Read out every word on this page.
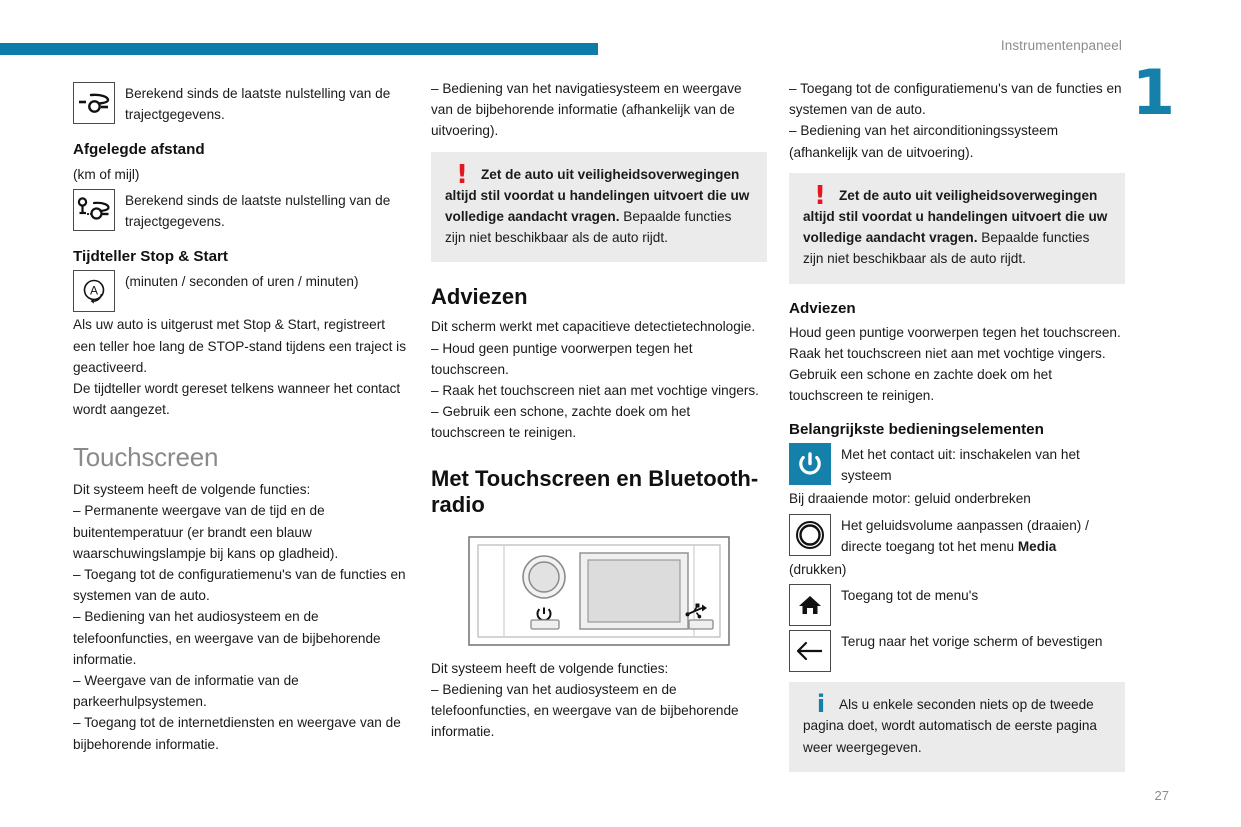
Instrumentenpaneel
1
27
Berekend sinds de laatste nulstelling van de trajectgegevens.
Afgelegde afstand

(km of mijl)

Berekend sinds de laatste nulstelling van de trajectgegevens.
Tijdteller Stop & Start
A
(minuten / seconden of uren / minuten)

Als uw auto is uitgerust met Stop & Start, registreert een teller hoe lang de STOP-stand tijdens een traject is geactiveerd.

De tijdteller wordt gereset telkens wanneer het contact wordt aangezet.

Touchscreen

Dit systeem heeft de volgende functies:

– Permanente weergave van de tijd en de buitentemperatuur (er brandt een blauw waarschuwingslampje bij kans op gladheid).

– Toegang tot de configuratiemenu's van de functies en systemen van de auto.

– Bediening van het audiosysteem en de telefoonfuncties, en weergave van de bijbehorende informatie.

– Weergave van de informatie van de parkeerhulpsystemen.

– Toegang tot de internetdiensten en weergave van de bijbehorende informatie.

– Bediening van het navigatiesysteem en weergave van de bijbehorende informatie (afhankelijk van de uitvoering).

! Zet de auto uit veiligheidsoverwegingen altijd stil voordat u handelingen uitvoert die uw volledige aandacht vragen. Bepaalde functies zijn niet beschikbaar als de auto rijdt.
Adviezen

Dit scherm werkt met capacitieve detectietechnologie.

– Houd geen puntige voorwerpen tegen het touchscreen.

– Raak het touchscreen niet aan met vochtige vingers.

– Gebruik een schone, zachte doek om het touchscreen te reinigen.

Met Touchscreen en Bluetooth-radio

Dit systeem heeft de volgende functies:

– Bediening van het audiosysteem en de telefoonfuncties, en weergave van de bijbehorende informatie.

– Toegang tot de configuratiemenu's van de functies en systemen van de auto.

– Bediening van het airconditioningssysteem (afhankelijk van de uitvoering).

! Zet de auto uit veiligheidsoverwegingen altijd stil voordat u handelingen uitvoert die uw volledige aandacht vragen. Bepaalde functies zijn niet beschikbaar als de auto rijdt.
Adviezen

Houd geen puntige voorwerpen tegen het touchscreen.

Raak het touchscreen niet aan met vochtige vingers.

Gebruik een schone en zachte doek om het touchscreen te reinigen.

Belangrijkste bedieningselementen
Met het contact uit: inschakelen van het systeem

Bij draaiende motor: geluid onderbreken

Het geluidsvolume aanpassen (draaien) / directe toegang tot het menu Media

(drukken)

Toegang tot de menu's
Terug naar het vorige scherm of bevestigen
i	Als u enkele seconden niets op de tweede pagina doet, wordt automatisch de eerste pagina weer weergegeven.
